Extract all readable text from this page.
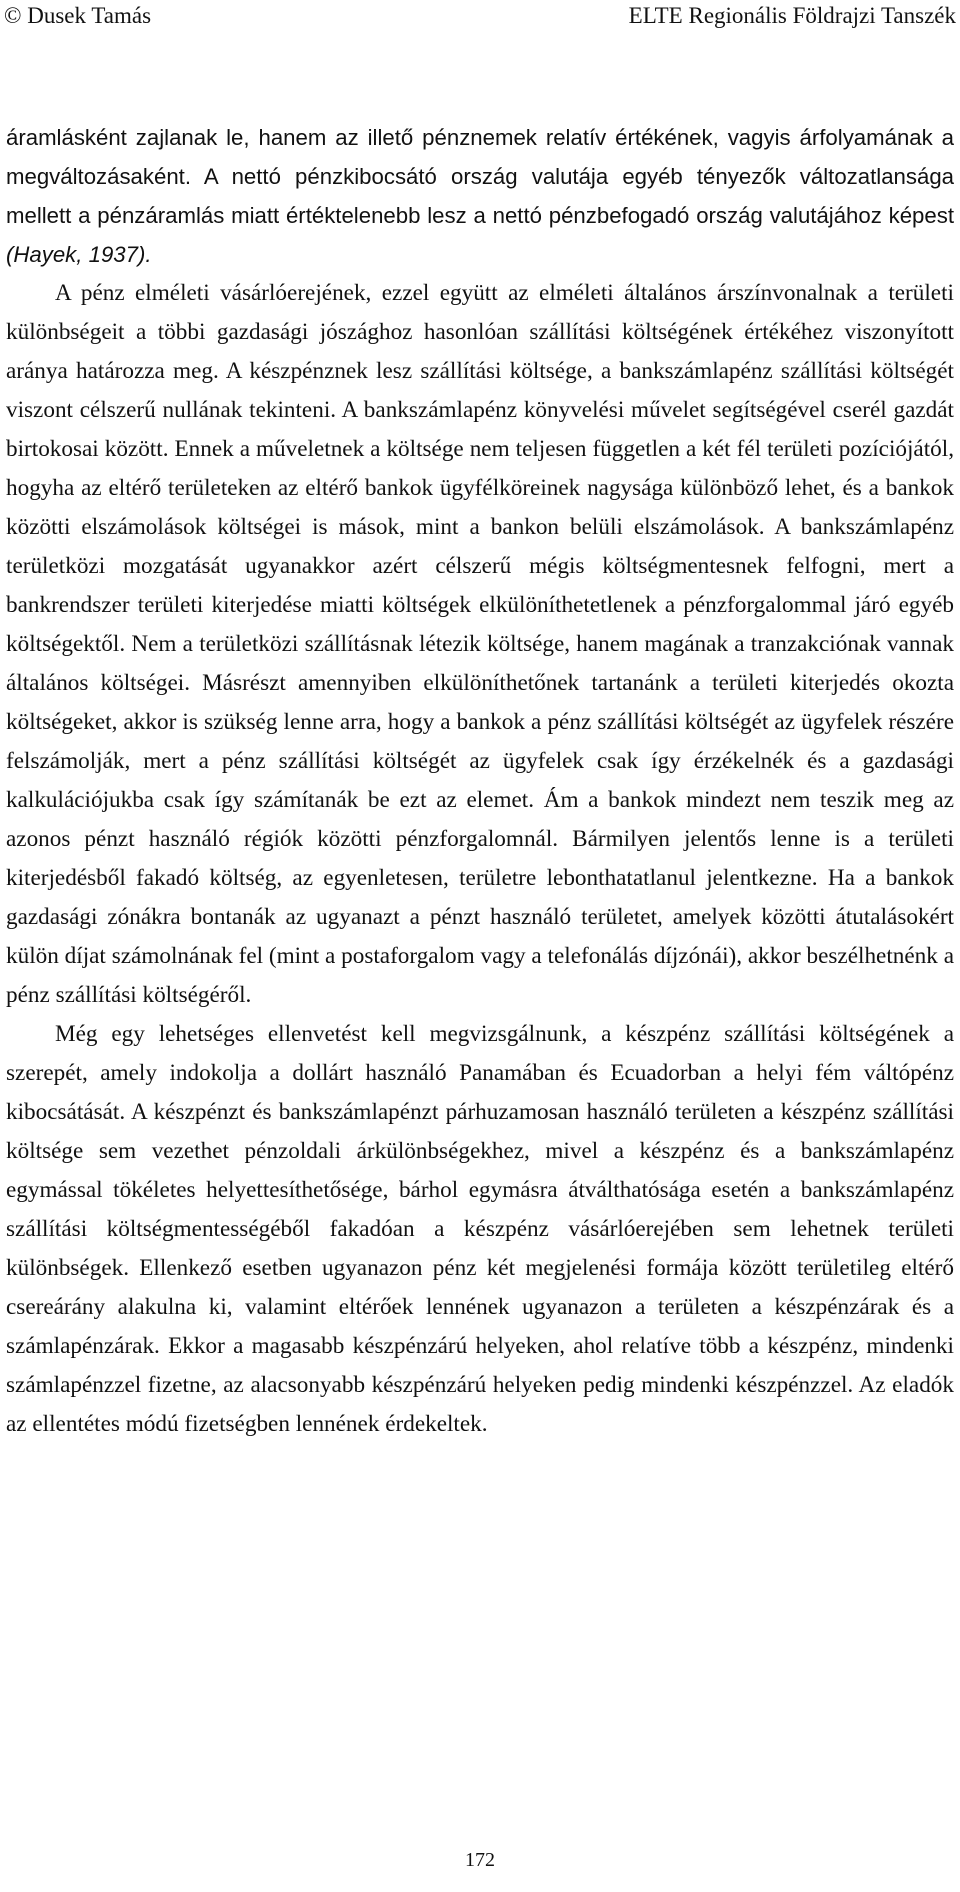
© Dusek Tamás	ELTE Regionális Földrajzi Tanszék

áramlásként zajlanak le, hanem az illető pénznemek relatív értékének, vagyis árfolyamának a megváltozásaként. A nettó pénzkibocsátó ország valutája egyéb tényezők változatlansága mellett a pénzáramlás miatt értéktelenebb lesz a nettó pénzbefogadó ország valutájához képest (Hayek, 1937).

A pénz elméleti vásárlóerejének, ezzel együtt az elméleti általános árszínvonalnak a területi különbségeit a többi gazdasági jószághoz hasonlóan szállítási költségének értékéhez viszonyított aránya határozza meg. A készpénznek lesz szállítási költsége, a bankszámlapénz szállítási költségét viszont célszerű nullának tekinteni. A bankszámlapénz könyvelési művelet segítségével cserél gazdát birtokosai között. Ennek a műveletnek a költsége nem teljesen független a két fél területi pozíciójától, hogyha az eltérő területeken az eltérő bankok ügyfélköreinek nagysága különböző lehet, és a bankok közötti elszámolások költségei is mások, mint a bankon belüli elszámolások. A bankszámlapénz területközi mozgatását ugyanakkor azért célszerű mégis költségmentesnek felfogni, mert a bankrendszer területi kiterjedése miatti költségek elkülöníthetetlenek a pénzforgalommal járó egyéb költségektől. Nem a területközi szállításnak létezik költsége, hanem magának a tranzakciónak vannak általános költségei. Másrészt amennyiben elkülöníthetőnek tartanánk a területi kiterjedés okozta költségeket, akkor is szükség lenne arra, hogy a bankok a pénz szállítási költségét az ügyfelek részére felszámolják, mert a pénz szállítási költségét az ügyfelek csak így érzékelnék és a gazdasági kalkulációjukba csak így számítanák be ezt az elemet. Ám a bankok mindezt nem teszik meg az azonos pénzt használó régiók közötti pénzforgalomnál. Bármilyen jelentős lenne is a területi kiterjedésből fakadó költség, az egyenletesen, területre lebonthatatlanul jelentkezne. Ha a bankok gazdasági zónákra bontanák az ugyanazt a pénzt használó területet, amelyek közötti átutalásokért külön díjat számolnának fel (mint a postaforgalom vagy a telefonálás díjzónái), akkor beszélhetnénk a pénz szállítási költségéről.

Még egy lehetséges ellenvetést kell megvizsgálnunk, a készpénz szállítási költségének a szerepét, amely indokolja a dollárt használó Panamában és Ecuadorban a helyi fém váltópénz kibocsátását. A készpénzt és bankszámlapénzt párhuzamosan használó területen a készpénz szállítási költsége sem vezethet pénzoldali árkülönbségekhez, mivel a készpénz és a bankszámlapénz egymással tökéletes helyettesíthetősége, bárhol egymásra átválthatósága esetén a bankszámlapénz szállítási költségmentességéből fakadóan a készpénz vásárlóerejében sem lehetnek területi különbségek. Ellenkező esetben ugyanazon pénz két megjelenési formája között területileg eltérő csereárány alakulna ki, valamint eltérőek lennének ugyanazon a területen a készpénzárak és a számlapénzárak. Ekkor a magasabb készpénzárú helyeken, ahol relatíve több a készpénz, mindenki számlapénzzel fizetne, az alacsonyabb készpénzárú helyeken pedig mindenki készpénzzel. Az eladók az ellentétes módú fizetségben lennének érdekeltek.

172
